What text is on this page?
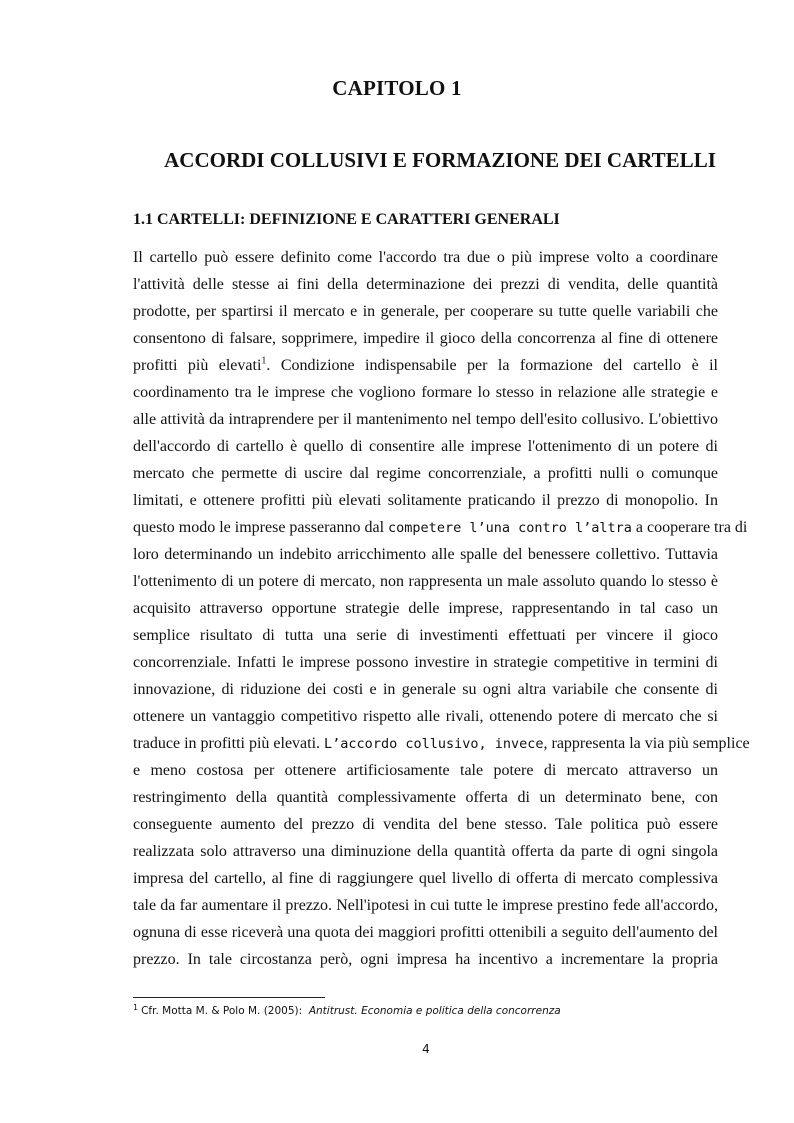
CAPITOLO 1
ACCORDI COLLUSIVI E FORMAZIONE DEI CARTELLI
1.1 CARTELLI: DEFINIZIONE E CARATTERI GENERALI
Il cartello può essere definito come l'accordo tra due o più imprese volto a coordinare
l'attività delle stesse ai fini della determinazione dei prezzi di vendita, delle quantità
prodotte, per spartirsi il mercato e in generale, per cooperare su tutte quelle variabili che
consentono di falsare, sopprimere, impedire il gioco della concorrenza al fine di ottenere
profitti più elevati$^1$. Condizione indispensabile per la formazione del cartello è il
coordinamento tra le imprese che vogliono formare lo stesso in relazione alle strategie e
alle attività da intraprendere per il mantenimento nel tempo dell'esito collusivo. L'obiettivo
dell'accordo di cartello è quello di consentire alle imprese l'ottenimento di un potere di
mercato che permette di uscire dal regime concorrenziale, a profitti nulli o comunque
limitati, e ottenere profitti più elevati solitamente praticando il prezzo di monopolio. In
questo modo le imprese passeranno dal competere l’una contro l’altra a cooperare tra di
loro determinando un indebito arricchimento alle spalle del benessere collettivo. Tuttavia
l'ottenimento di un potere di mercato, non rappresenta un male assoluto quando lo stesso è
acquisito attraverso opportune strategie delle imprese, rappresentando in tal caso un
semplice risultato di tutta una serie di investimenti effettuati per vincere il gioco
concorrenziale. Infatti le imprese possono investire in strategie competitive in termini di
innovazione, di riduzione dei costi e in generale su ogni altra variabile che consente di
ottenere un vantaggio competitivo rispetto alle rivali, ottenendo potere di mercato che si
traduce in profitti più elevati. L’accordo collusivo, invece, rappresenta la via più semplice
e meno costosa per ottenere artificiosamente tale potere di mercato attraverso un
restringimento della quantità complessivamente offerta di un determinato bene, con
conseguente aumento del prezzo di vendita del bene stesso. Tale politica può essere
realizzata solo attraverso una diminuzione della quantità offerta da parte di ogni singola
impresa del cartello, al fine di raggiungere quel livello di offerta di mercato complessiva
tale da far aumentare il prezzo. Nell'ipotesi in cui tutte le imprese prestino fede all'accordo,
ognuna di esse riceverà una quota dei maggiori profitti ottenibili a seguito dell'aumento del
prezzo. In tale circostanza però, ogni impresa ha incentivo a incrementare la propria
$^1$ Cfr. Motta M. & Polo M. (2005): Antitrust. Economia e politica della concorrenza
4
